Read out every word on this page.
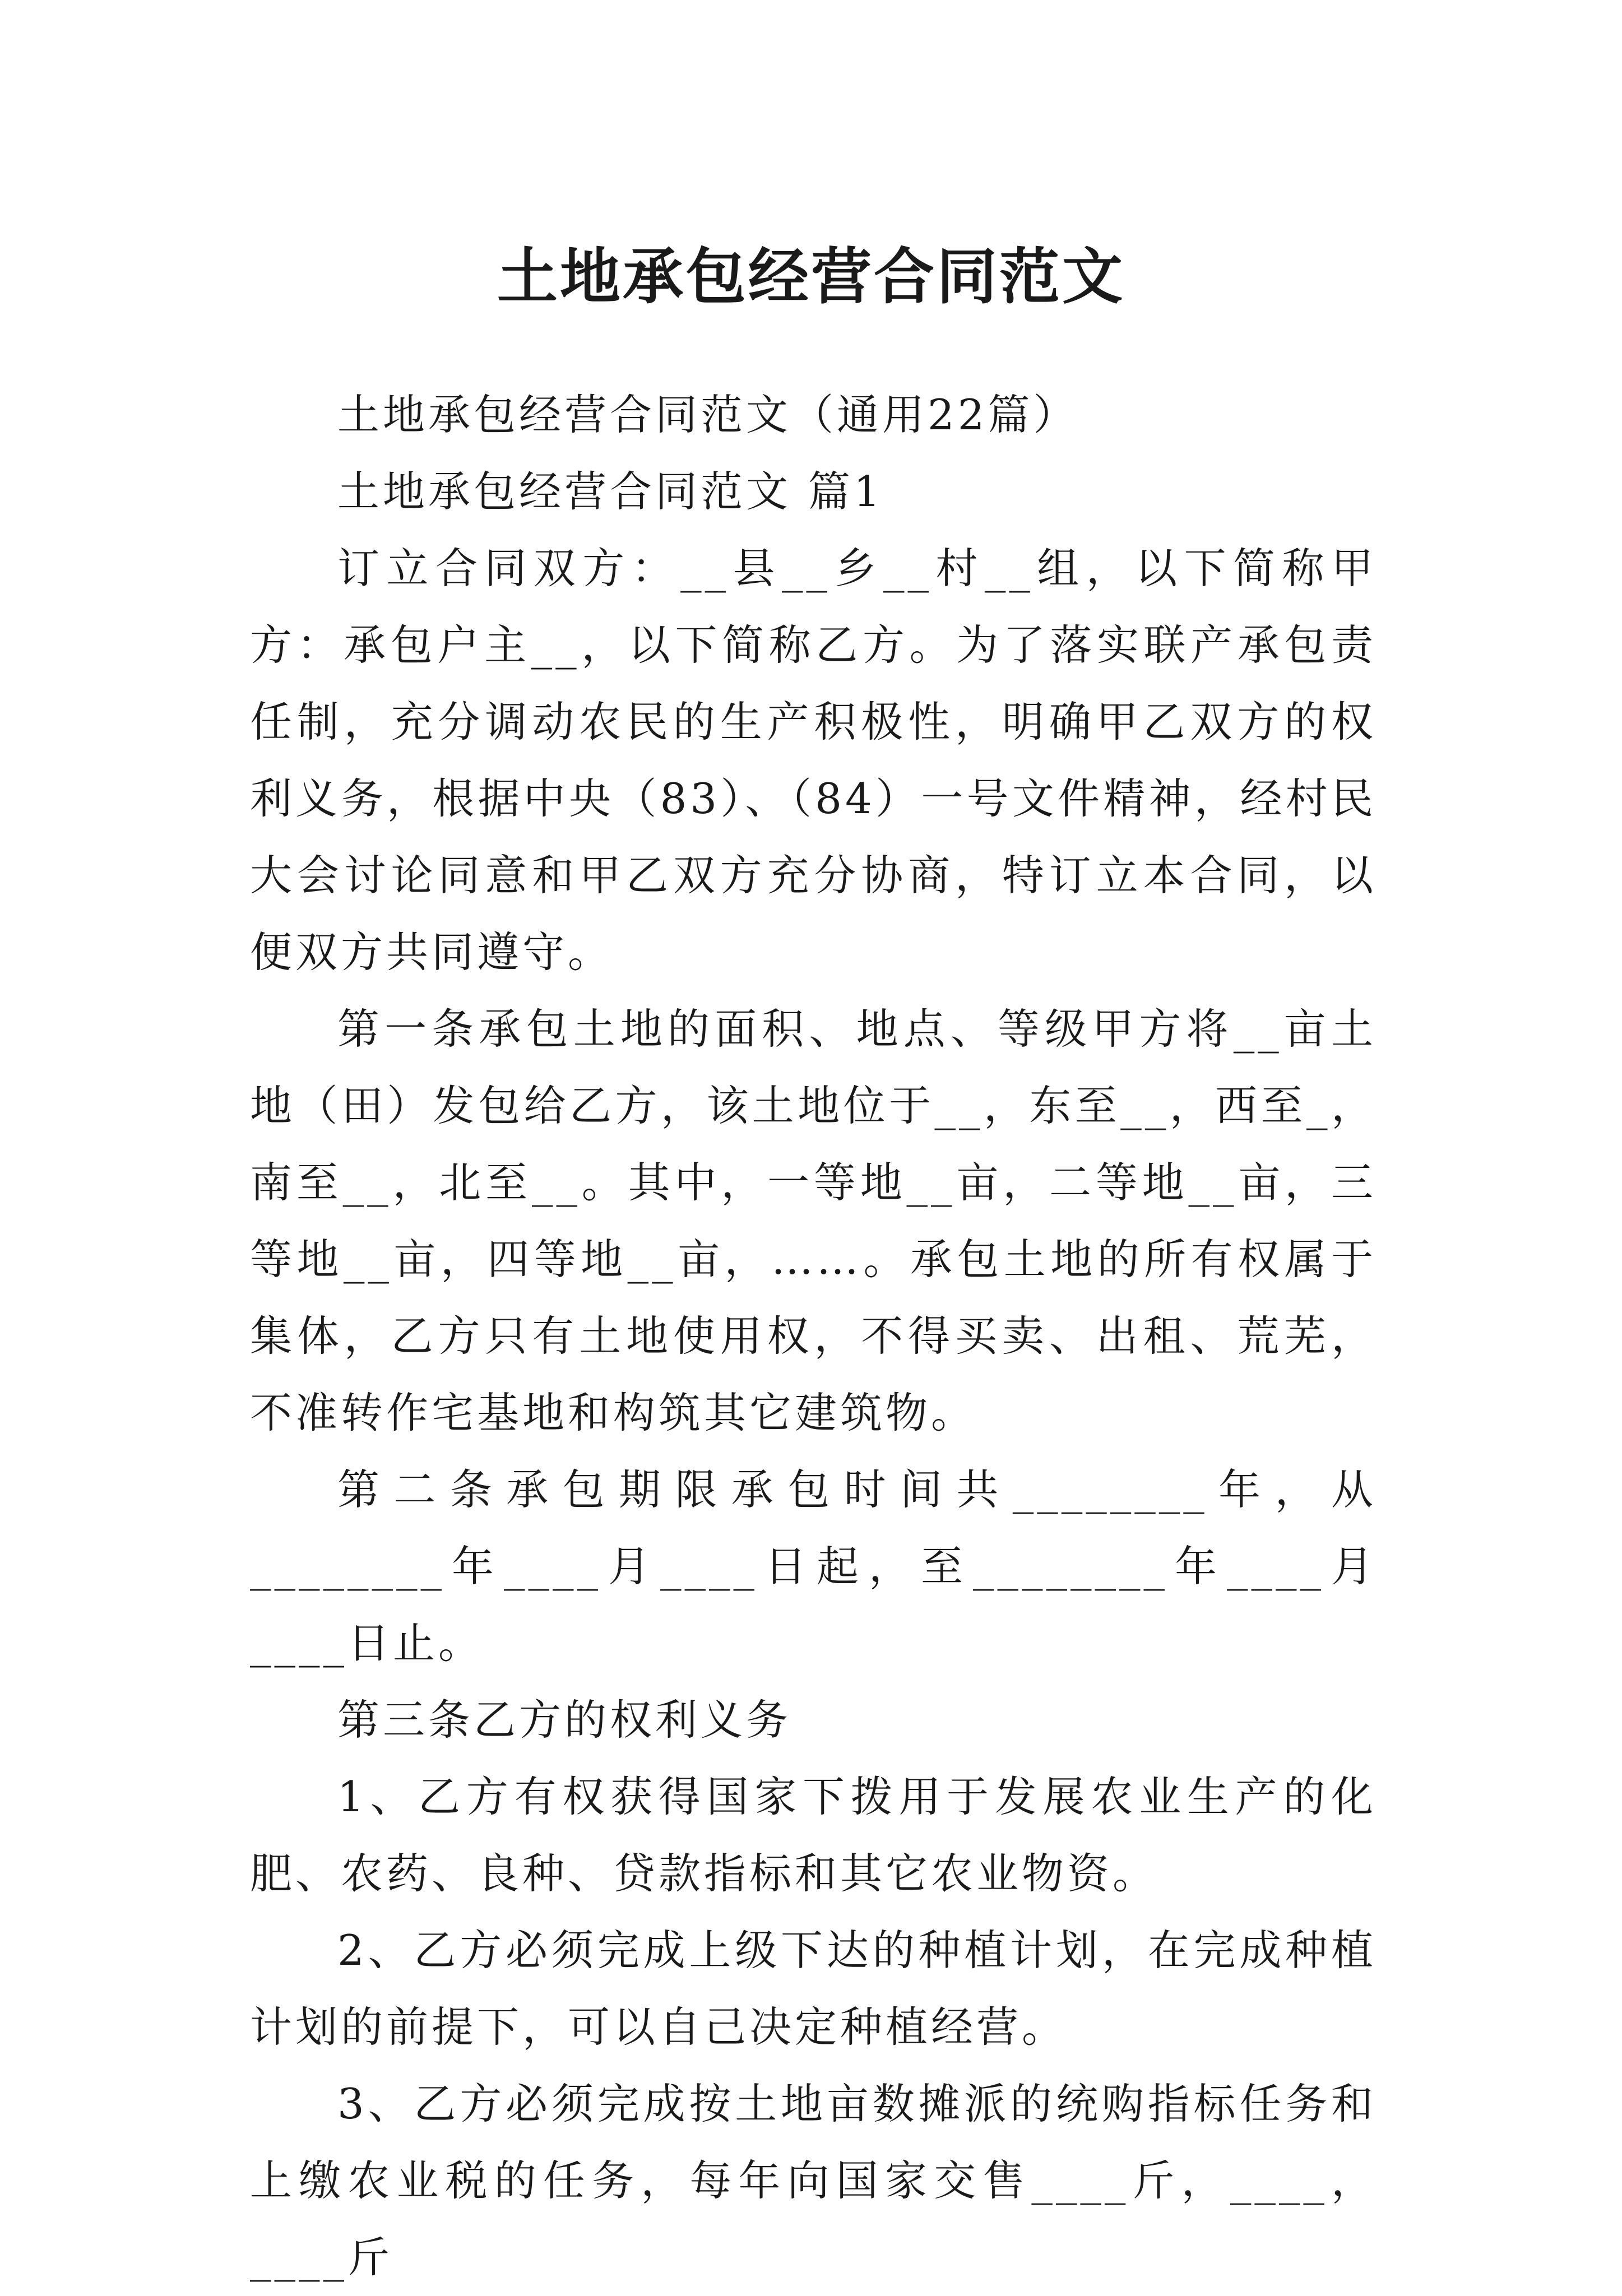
土地承包经营合同范文

土地承包经营合同范文（通用22篇）

土地承包经营合同范文 篇1

订立合同双方：__县__乡__村__组，以下简称甲方：承包户主__，以下简称乙方。为了落实联产承包责任制，充分调动农民的生产积极性，明确甲乙双方的权利义务，根据中央（83）、（84）一号文件精神，经村民大会讨论同意和甲乙双方充分协商，特订立本合同，以便双方共同遵守。

第一条承包土地的面积、地点、等级甲方将__亩土地（田）发包给乙方，该土地位于__，东至__，西至_，南至__，北至__。其中，一等地__亩，二等地__亩，三等地__亩，四等地__亩，……。承包土地的所有权属于集体，乙方只有土地使用权，不得买卖、出租、荒芜，不准转作宅基地和构筑其它建筑物。

第二条承包期限承包时间共________年，从________年____月____日起，至________年____月____日止。

第三条乙方的权利义务

1、乙方有权获得国家下拨用于发展农业生产的化肥、农药、良种、贷款指标和其它农业物资。

2、乙方必须完成上级下达的种植计划，在完成种植计划的前提下，可以自己决定种植经营。

3、乙方必须完成按土地亩数摊派的统购指标任务和上缴农业税的任务，每年向国家交售____斤，____，____斤
